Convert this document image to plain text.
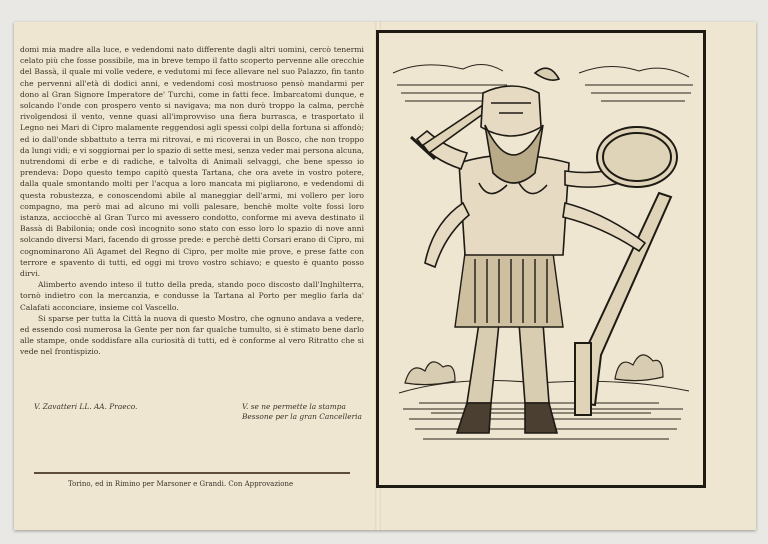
domi mia madre alla luce, e vedendomi nato differente dagli altri uomini, cercò tenermi celato più che fosse possibile, ma in breve tempo il fatto scoperto pervenne alle orecchie del Bassà, il quale mi volle vedere, e vedutomi mi fece allevare nel suo Palazzo, fin tanto che pervenni all'età di dodici anni, e vedendomi così mostruoso pensò mandarmi per dono al Gran Signore Imperatore de' Turchi, come in fatti fece. Imbarcatomi dunque, e solcando l'onde con prospero vento si navigava; ma non durò troppo la calma, perchè rivolgendosi il vento, venne quasi all'improvviso una fiera burrasca, e trasportato il Legno nei Mari di Cipro malamente reggendosi agli spessi colpi della fortuna si affondò; ed io dall'onde sbbattuto a terra mi ritrovai, e mi ricoverai in un Bosco, che non troppo da lungi vidi; e vi soggiornai per lo spazio di sette mesi, senza veder mai persona alcuna, nutrendomi di erbe e di radiche, e talvolta di Animali selvaggi, che bene spesso io prendeva: Dopo questo tempo capitò questa Tartana, che ora avete in vostro potere, dalla quale smontando molti per l'acqua a loro mancata mi pigliarono, e vedendomi di questa robustezza, e conoscendomi abile al maneggiar dell'armi, mi vollero per loro compagno, ma però mai ad alcuno mi volli palesare, benchè molte volte fossi loro istanza, acciocchè al Gran Turco mi avessero condotto, conforme mi aveva destinato il Bassà di Babilonia; onde così incognito sono stato con esso loro lo spazio di nove anni solcando diversi Mari, facendo di grosse prede: e perchè detti Corsari erano di Cipro, mi cognominarono Alì Agamet del Regno di Cipro, per molte mie prove, e prese fatte con terrore e spavento di tutti, ed oggi mi trovo vostro schiavo; e questo è quanto posso dirvi.

Alimberto avendo inteso il tutto della preda, stando poco discosto dall'Inghilterra, tornò indietro con la mercanzia, e condusse la Tartana al Porto per meglio farla da' Calafati acconciare, insieme col Vascello.

Si sparse per tutta la Città la nuova di questo Mostro, che ognuno andava a vedere, ed essendo così numerosa la Gente per non far qualche tumulto, si è stimato bene darlo alle stampe, onde soddisfare alla curiosità di tutti, ed è conforme al vero Ritratto che si vede nel frontispizio.

V. Zavatteri LL. AA. Praeco.	V. se ne permette la stampa
Bessone per la gran Cancelleria
Torino, ed in Rimino per Marsoner e Grandi. Con Approvazione
